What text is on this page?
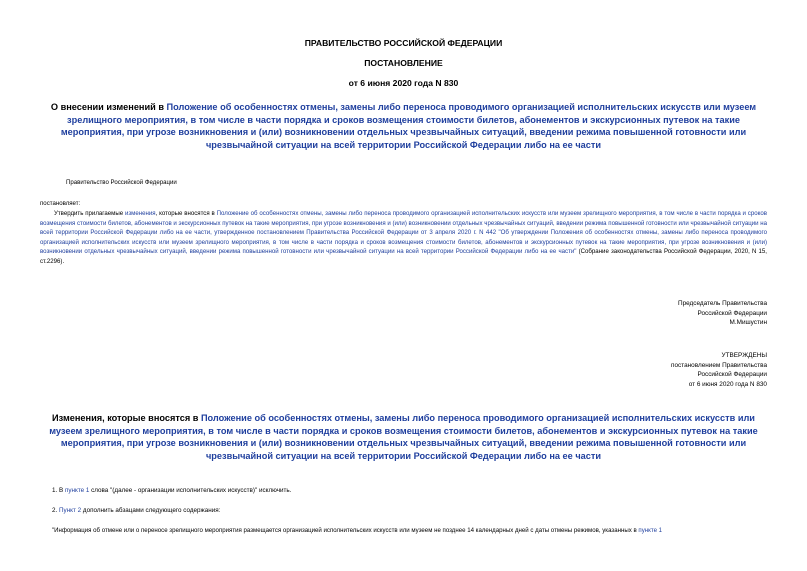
ПРАВИТЕЛЬСТВО РОССИЙСКОЙ ФЕДЕРАЦИИ
ПОСТАНОВЛЕНИЕ
от 6 июня 2020 года N 830
О внесении изменений в Положение об особенностях отмены, замены либо переноса проводимого организацией исполнительских искусств или музеем зрелищного мероприятия, в том числе в части порядка и сроков возмещения стоимости билетов, абонементов и экскурсионных путевок на такие мероприятия, при угрозе возникновения и (или) возникновении отдельных чрезвычайных ситуаций, введении режима повышенной готовности или чрезвычайной ситуации на всей территории Российской Федерации либо на ее части
Правительство Российской Федерации
постановляет:
Утвердить прилагаемые изменения, которые вносятся в Положение об особенностях отмены, замены либо переноса проводимого организацией исполнительских искусств или музеем зрелищного мероприятия, в том числе в части порядка и сроков возмещения стоимости билетов, абонементов и экскурсионных путевок на такие мероприятия, при угрозе возникновения и (или) возникновении отдельных чрезвычайных ситуаций, введении режима повышенной готовности или чрезвычайной ситуации на всей территории Российской Федерации либо на ее части, утвержденное постановлением Правительства Российской Федерации от 3 апреля 2020 г. N 442 "Об утверждении Положения об особенностях отмены, замены либо переноса проводимого организацией исполнительских искусств или музеем зрелищного мероприятия, в том числе в части порядка и сроков возмещения стоимости билетов, абонементов и экскурсионных путевок на такие мероприятия, при угрозе возникновения и (или) возникновении отдельных чрезвычайных ситуаций, введении режима повышенной готовности или чрезвычайной ситуации на всей территории Российской Федерации либо на ее части" (Собрание законодательства Российской Федерации, 2020, N 15, ст.2296).
Председатель Правительства
Российской Федерации
М.Мишустин
УТВЕРЖДЕНЫ
постановлением Правительства
Российской Федерации
от 6 июня 2020 года N 830
Изменения, которые вносятся в Положение об особенностях отмены, замены либо переноса проводимого организацией исполнительских искусств или музеем зрелищного мероприятия, в том числе в части порядка и сроков возмещения стоимости билетов, абонементов и экскурсионных путевок на такие мероприятия, при угрозе возникновения и (или) возникновении отдельных чрезвычайных ситуаций, введении режима повышенной готовности или чрезвычайной ситуации на всей территории Российской Федерации либо на ее части
1. В пункте 1 слова "(далее - организации исполнительских искусств)" исключить.
2. Пункт 2 дополнить абзацами следующего содержания:
"Информация об отмене или о переносе зрелищного мероприятия размещается организацией исполнительских искусств или музеем не позднее 14 календарных дней с даты отмены режимов, указанных в пункте 1
